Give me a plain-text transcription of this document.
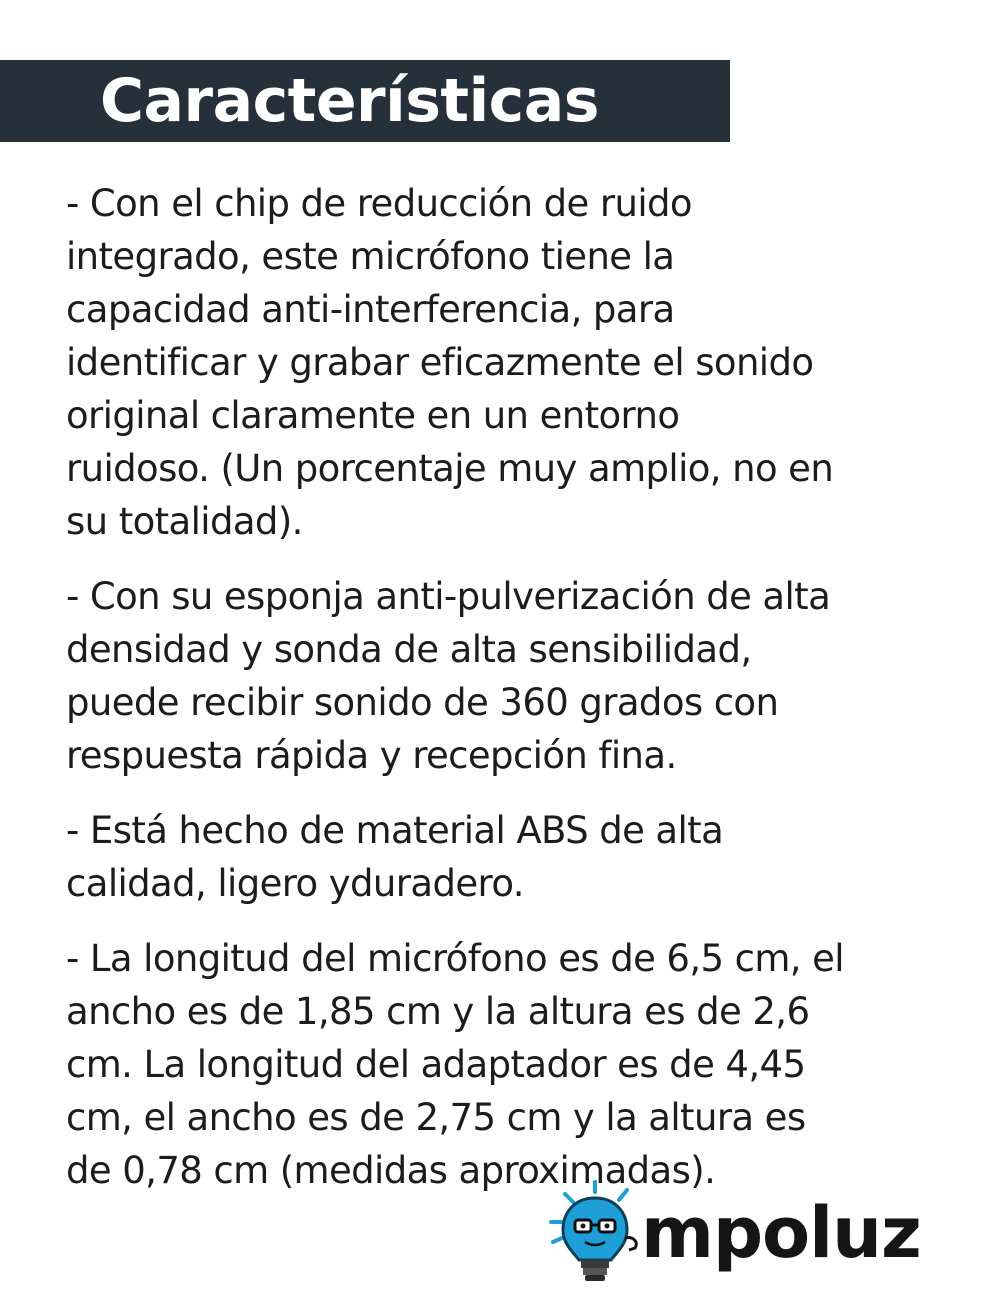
Características

- Con el chip de reducción de ruido
integrado, este micrófono tiene la
capacidad anti-interferencia, para
identificar y grabar eficazmente el sonido
original claramente en un entorno
ruidoso. (Un porcentaje muy amplio, no en
su totalidad).

- Con su esponja anti-pulverización de alta
densidad y sonda de alta sensibilidad,
puede recibir sonido de 360 grados con
respuesta rápida y recepción fina.

- Está hecho de material ABS de alta
calidad, ligero yduradero.

- La longitud del micrófono es de 6,5 cm, el
ancho es de 1,85 cm y la altura es de 2,6
cm. La longitud del adaptador es de 4,45
cm, el ancho es de 2,75 cm y la altura es
de 0,78 cm (medidas aproximadas).

mpoluz
